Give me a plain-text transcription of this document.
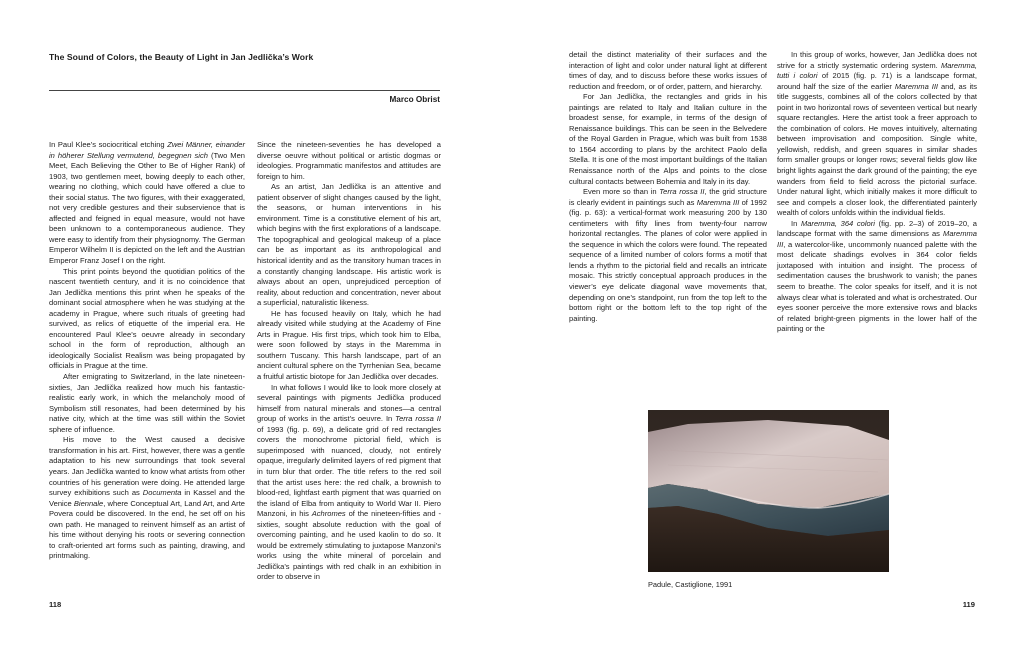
The Sound of Colors, the Beauty of Light in Jan Jedlička’s Work

Marco Obrist

In Paul Klee’s sociocritical etching Zwei Männer, einander in höherer Stellung vermutend, begegnen sich (Two Men Meet, Each Believing the Other to Be of Higher Rank) of 1903, two gentlemen meet, bowing deeply to each other, wearing no clothing, which could have offered a clue to their social status. The two figures, with their exaggerated, not very credible gestures and their subservience that is affected and feigned in equal measure, would not have been unknown to a contemporaneous audience. They were easy to identify from their physiognomy. The German Emperor Wilhelm II is depicted on the left and the Austrian Emperor Franz Josef I on the right.

This print points beyond the quotidian politics of the nascent twentieth century, and it is no coincidence that Jan Jedlička mentions this print when he speaks of the dominant social atmosphere when he was studying at the academy in Prague, where such rituals of greeting had survived, as relics of etiquette of the imperial era. He encountered Paul Klee’s oeuvre already in secondary school in the form of reproduction, although an ideologically Socialist Realism was being propagated by officials in Prague at the time.

After emigrating to Switzerland, in the late nineteen-sixties, Jan Jedlička realized how much his fantastic-realistic early work, in which the melancholy mood of Symbolism still resonates, had been determined by his native city, which at the time was still within the Soviet sphere of influence.

His move to the West caused a decisive transformation in his art. First, however, there was a gentle adaptation to his new surroundings that took several years. Jan Jedlička wanted to know what artists from other countries of his generation were doing. He attended large survey exhibitions such as Documenta in Kassel and the Venice Biennale, where Conceptual Art, Land Art, and Arte Povera could be discovered. In the end, he set off on his own path. He managed to reinvent himself as an artist of his time without denying his roots or severing connection to craft-oriented art forms such as painting, drawing, and printmaking.

Since the nineteen-seventies he has developed a diverse oeuvre without political or artistic dogmas or ideologies. Programmatic manifestos and attitudes are foreign to him.

As an artist, Jan Jedlička is an attentive and patient observer of slight changes caused by the light, the seasons, or human interventions in his environment. Time is a constitutive element of his art, which begins with the first explorations of a landscape. The topographical and geological makeup of a place can be as important as its anthropological and historical identity and as the transitory human traces in a constantly changing landscape. His artistic work is always about an open, unprejudiced perception of reality, about reduction and concentration, never about a superficial, naturalistic likeness.

He has focused heavily on Italy, which he had already visited while studying at the Academy of Fine Arts in Prague. His first trips, which took him to Elba, were soon followed by stays in the Maremma in southern Tuscany. This harsh landscape, part of an ancient cultural sphere on the Tyrrhenian Sea, became a fruitful artistic biotope for Jan Jedlička over decades.

In what follows I would like to look more closely at several paintings with pigments Jedlička produced himself from natural minerals and stones—a central group of works in the artist’s oeuvre. In Terra rossa II of 1993 (fig. p. 69), a delicate grid of red rectangles covers the monochrome pictorial field, which is superimposed with nuanced, cloudy, not entirely opaque, irregularly delimited layers of red pigment that in turn blur that order. The title refers to the red soil that the artist uses here: the red chalk, a brownish to blood-red, lightfast earth pigment that was quarried on the island of Elba from antiquity to World War II. Piero Manzoni, in his Achromes of the nineteen-fifties and -sixties, sought absolute reduction with the goal of overcoming painting, and he used kaolin to do so. It would be extremely stimulating to juxtapose Manzoni’s works using the white mineral of porcelain and Jedlička’s paintings with red chalk in an exhibition in order to observe in

118

detail the distinct materiality of their surfaces and the interaction of light and color under natural light at different times of day, and to discuss before these works issues of reduction and freedom, or of order, pattern, and hierarchy.

For Jan Jedlička, the rectangles and grids in his paintings are related to Italy and Italian culture in the broadest sense, for example, in terms of the design of Renaissance buildings. This can be seen in the Belvedere of the Royal Garden in Prague, which was built from 1538 to 1564 according to plans by the architect Paolo della Stella. It is one of the most important buildings of the Italian Renaissance north of the Alps and points to the close cultural contacts between Bohemia and Italy in its day.

Even more so than in Terra rossa II, the grid structure is clearly evident in paintings such as Maremma III of 1992 (fig. p. 63): a vertical-format work measuring 200 by 130 centimeters with fifty lines from twenty-four narrow horizontal rectangles. The planes of color were applied in the sequence in which the colors were found. The repeated sequence of a limited number of colors forms a motif that lends a rhythm to the pictorial field and recalls an intricate mosaic. This strictly conceptual approach produces in the viewer’s eye delicate diagonal wave movements that, depending on one’s standpoint, run from the top left to the bottom right or the bottom left to the top right of the painting.

In this group of works, however, Jan Jedlička does not strive for a strictly systematic ordering system. Maremma, tutti i colori of 2015 (fig. p. 71) is a landscape format, around half the size of the earlier Maremma III and, as its title suggests, combines all of the colors collected by that point in two horizontal rows of seventeen vertical but nearly square rectangles. Here the artist took a freer approach to the combination of colors. He moves intuitively, alternating between improvisation and composition. Single white, yellowish, reddish, and green squares in similar shades form smaller groups or longer rows; several fields glow like bright lights against the dark ground of the painting; the eye wanders from field to field across the pictorial surface. Under natural light, which initially makes it more difficult to see and compels a closer look, the differentiated painterly wealth of colors unfolds within the individual fields.

In Maremma, 364 colori (fig. pp. 2–3) of 2019–20, a landscape format with the same dimensions as Maremma III, a watercolor-like, uncommonly nuanced palette with the most delicate shadings evolves in 364 color fields juxtaposed with intuition and insight. The process of sedimentation causes the brushwork to vanish; the panes seem to breathe. The color speaks for itself, and it is not always clear what is tolerated and what is orchestrated. Our eyes sooner perceive the more extensive rows and blacks of related bright-green pigments in the lower half of the painting or the

Padule, Castiglione, 1991

119
